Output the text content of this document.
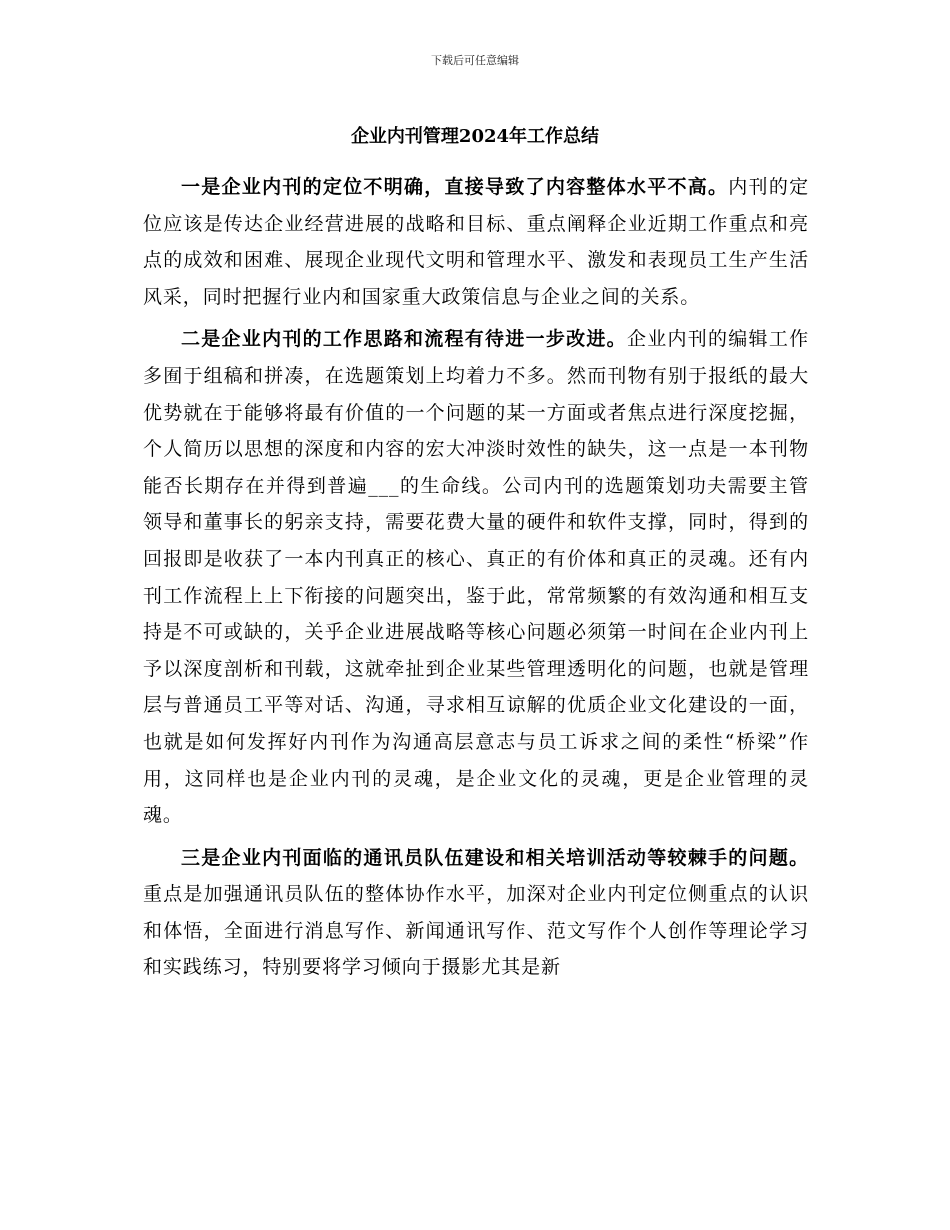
下载后可任意编辑
企业内刊管理2024年工作总结

一是企业内刊的定位不明确，直接导致了内容整体水平不高。内刊的定位应该是传达企业经营进展的战略和目标、重点阐释企业近期工作重点和亮点的成效和困难、展现企业现代文明和管理水平、激发和表现员工生产生活风采，同时把握行业内和国家重大政策信息与企业之间的关系。

二是企业内刊的工作思路和流程有待进一步改进。企业内刊的编辑工作多囿于组稿和拼凑，在选题策划上均着力不多。然而刊物有别于报纸的最大优势就在于能够将最有价值的一个问题的某一方面或者焦点进行深度挖掘，个人简历以思想的深度和内容的宏大冲淡时效性的缺失，这一点是一本刊物能否长期存在并得到普遍___的生命线。公司内刊的选题策划功夫需要主管领导和董事长的躬亲支持，需要花费大量的硬件和软件支撑，同时，得到的回报即是收获了一本内刊真正的核心、真正的有价体和真正的灵魂。还有内刊工作流程上上下衔接的问题突出，鉴于此，常常频繁的有效沟通和相互支持是不可或缺的，关乎企业进展战略等核心问题必须第一时间在企业内刊上予以深度剖析和刊载，这就牵扯到企业某些管理透明化的问题，也就是管理层与普通员工平等对话、沟通，寻求相互谅解的优质企业文化建设的一面，也就是如何发挥好内刊作为沟通高层意志与员工诉求之间的柔性“桥梁”作用，这同样也是企业内刊的灵魂，是企业文化的灵魂，更是企业管理的灵魂。

三是企业内刊面临的通讯员队伍建设和相关培训活动等较棘手的问题。重点是加强通讯员队伍的整体协作水平，加深对企业内刊定位侧重点的认识和体悟，全面进行消息写作、新闻通讯写作、范文写作个人创作等理论学习和实践练习，特别要将学习倾向于摄影尤其是新
